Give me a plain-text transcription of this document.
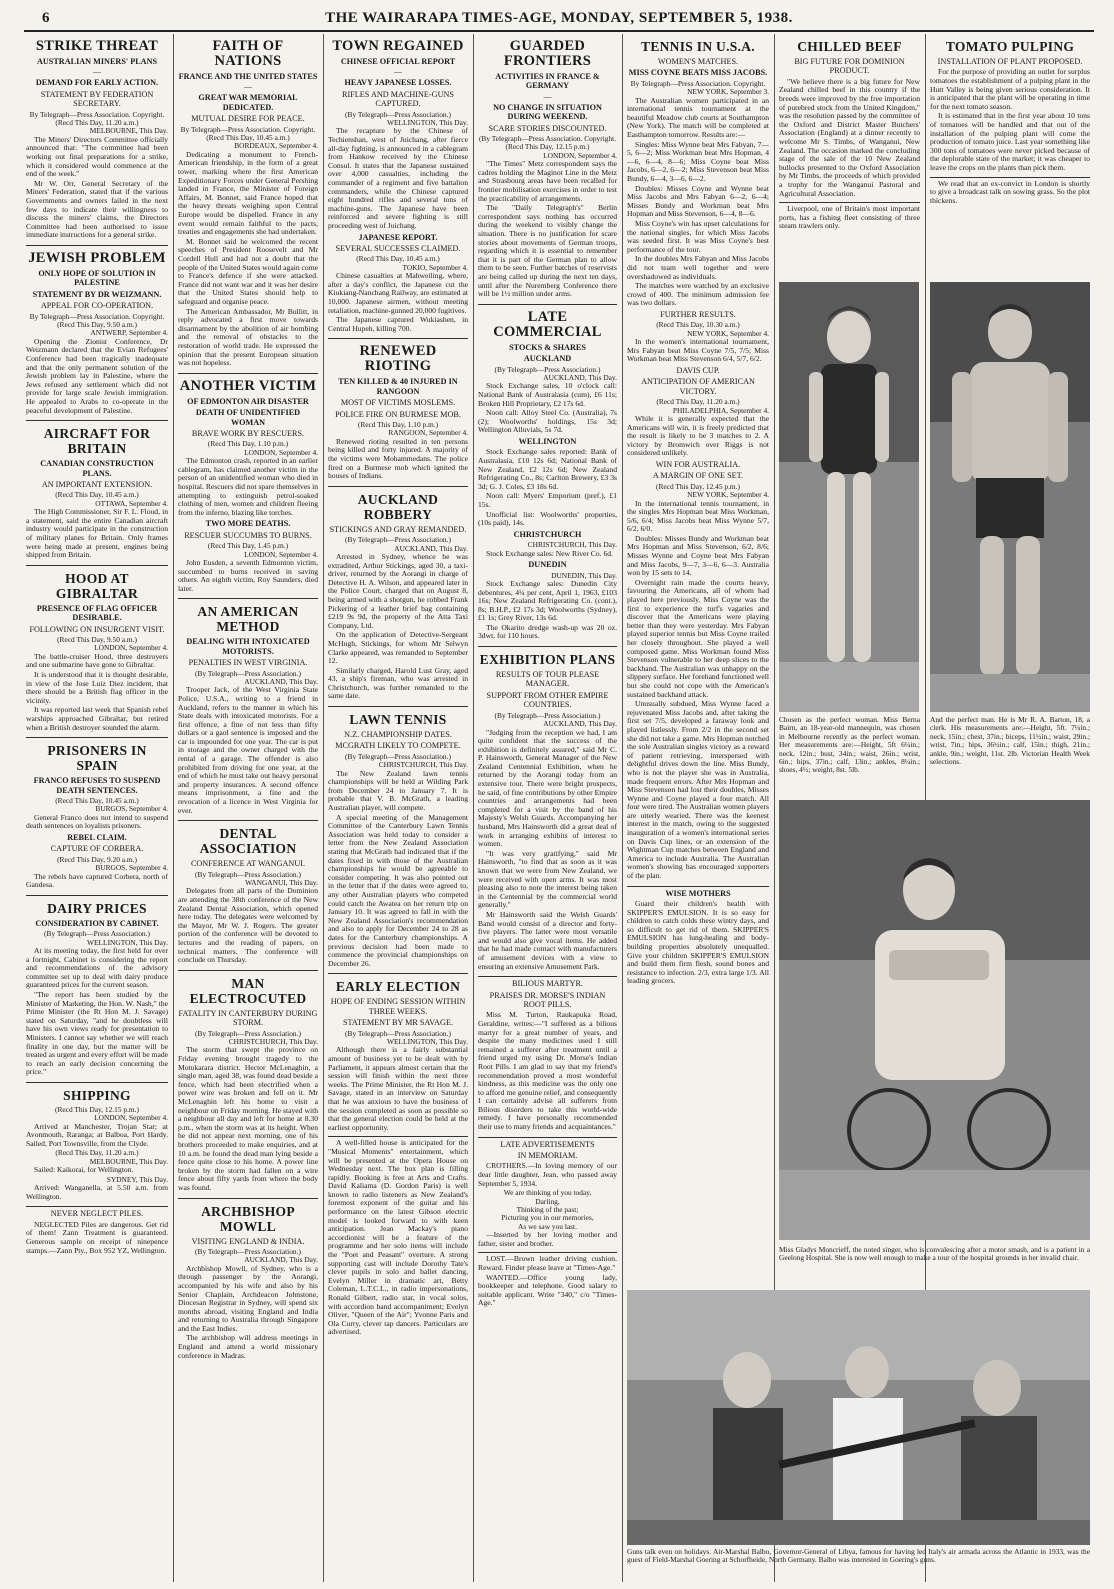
6	THE WAIRARAPA TIMES-AGE, MONDAY, SEPTEMBER 5, 1938.
STRIKE THREAT
AUSTRALIAN MINERS' PLANS
—
DEMAND FOR EARLY ACTION.
STATEMENT BY FEDERATION SECRETARY.
By Telegraph—Press Association. Copyright. (Recd This Day, 11.20 a.m.)
MELBOURNE, This Day.
The Miners' Directors Committee officially announced that: "The committee had been working out final preparations for a strike, which it considered would commence at the end of the week."
Mr W. Orr, General Secretary of the Miners' Federation, stated that if the various Governments and owners failed in the next few days to indicate their willingness to discuss the miners' claims, the Directors Committee had been authorised to issue immediate instructions for a general strike.
JEWISH PROBLEM
ONLY HOPE OF SOLUTION IN PALESTINE
STATEMENT BY DR WEIZMANN.
APPEAL FOR CO-OPERATION.
By Telegraph—Press Association. Copyright. (Recd This Day, 9.50 a.m.)
ANTWERP, September 4.
Opening the Zionist Conference, Dr Weizmann declared that the Evian Refugees' Conference had been tragically inadequate and that the only permanent solution of the Jewish problem lay in Palestine, where the Jews refused any settlement which did not provide for large scale Jewish immigration. He appealed to Arabs to co-operate in the peaceful development of Palestine.
AIRCRAFT FOR BRITAIN
CANADIAN CONSTRUCTION PLANS.
AN IMPORTANT EXTENSION.
(Recd This Day, 10.45 a.m.)
OTTAWA, September 4.
The High Commissioner, Sir F. L. Floud, in a statement, said the entire Canadian aircraft industry would participate in the construction of military planes for Britain. Only frames were being made at present, engines being shipped from Britain.
HOOD AT GIBRALTAR
PRESENCE OF FLAG OFFICER DESIRABLE.
FOLLOWING ON INSURGENT VISIT.
(Recd This Day, 9.50 a.m.)
LONDON, September 4.
The battle-cruiser Hood, three destroyers and one submarine have gone to Gibraltar.
It is understood that it is thought desirable, in view of the Jose Luiz Diez incident, that there should be a British flag officer in the vicinity.
It was reported last week that Spanish rebel warships approached Gibraltar, but retired when a British destroyer sounded the alarm.
PRISONERS IN SPAIN
FRANCO REFUSES TO SUSPEND DEATH SENTENCES.
(Recd This Day, 10.45 a.m.)
BURGOS, September 4.
General Franco does not intend to suspend death sentences on loyalists prisoners.
REBEL CLAIM.
CAPTURE OF CORBERA.
(Recd This Day, 9.20 a.m.)
BURGOS, September 4.
The rebels have captured Corbera, north of Gandesa.
DAIRY PRICES
CONSIDERATION BY CABINET.
(By Telegraph—Press Association.)
WELLINGTON, This Day.
At its meeting today, the first held for over a fortnight, Cabinet is considering the report and recommendations of the advisory committee set up to deal with dairy produce guaranteed prices for the current season.
"The report has been studied by the Minister of Marketing, the Hon. W. Nash," the Prime Minister (the Rt Hon M. J. Savage) stated on Saturday, "and he doubtless will have his own views ready for presentation to Ministers. I cannot say whether we will reach finality in one day, but the matter will be treated as urgent and every effort will be made to reach an early decision concerning the price."
SHIPPING
(Recd This Day, 12.15 p.m.)
LONDON, September 4.
Arrived at Manchester, Trojan Star; at Avonmouth, Raranga; at Balboa, Port Hardy. Sailed, Port Townsville, from the Clyde.
(Recd This Day, 11.20 a.m.)
MELBOURNE, This Day.
Sailed: Kaikorai, for Wellington.
SYDNEY, This Day.
Arrived: Wanganella, at 5.50 a.m. from Wellington.
NEVER NEGLECT PILES.
NEGLECTED Piles are dangerous. Get rid of them! Zann Treatment is guaranteed. Generous sample on receipt of ninepence stamps.—Zann Pty., Box 952 YZ, Wellington.
FAITH OF NATIONS
FRANCE AND THE UNITED STATES
—
GREAT WAR MEMORIAL DEDICATED.
MUTUAL DESIRE FOR PEACE.
By Telegraph—Press Association. Copyright. (Recd This Day, 10.45 a.m.)
BORDEAUX, September 4.
Dedicating a monument to French-American friendship, in the form of a great tower, marking where the first American Expeditionary Forces under General Pershing landed in France, the Minister of Foreign Affairs, M. Bonnet, said France hoped that the heavy threats weighing upon Central Europe would be dispelled. France in any event would remain faithful to the pacts, treaties and engagements she had undertaken.
M. Bonnet said he welcomed the recent speeches of President Roosevelt and Mr Cordell Hull and had not a doubt that the people of the United States would again come to France's defence if she were attacked. France did not want war and it was her desire that the United States should help to safeguard and organise peace.
The American Ambassador, Mr Bullitt, in reply advocated a first move towards disarmament by the abolition of air bombing and the removal of obstacles to the restoration of world trade. He expressed the opinion that the present European situation was not hopeless.
ANOTHER VICTIM
OF EDMONTON AIR DISASTER
DEATH OF UNIDENTIFIED WOMAN
BRAVE WORK BY RESCUERS.
(Recd This Day, 1.10 p.m.)
LONDON, September 4.
The Edmonton crash, reported in an earlier cablegram, has claimed another victim in the person of an unidentified woman who died in hospital. Rescuers did not spare themselves in attempting to extinguish petrol-soaked clothing of men, women and children fleeing from the inferno, blazing like torches.
TWO MORE DEATHS.
RESCUER SUCCUMBS TO BURNS.
(Recd This Day, 1.45 p.m.)
LONDON, September 4.
John Eusden, a seventh Edmonton victim, succumbed to burns received in saving others. An eighth victim, Roy Saunders, died later.
AN AMERICAN METHOD
DEALING WITH INTOXICATED MOTORISTS.
PENALTIES IN WEST VIRGINIA.
(By Telegraph—Press Association.)
AUCKLAND, This Day.
Trooper Jack, of the West Virginia State Police, U.S.A., writing to a friend in Auckland, refers to the manner in which his State deals with intoxicated motorists. For a first offence, a fine of not less than fifty dollars or a gaol sentence is imposed and the car is impounded for one year. The car is put in storage and the owner charged with the rental of a garage. The offender is also prohibited from driving for one year, at the end of which he must take out heavy personal and property insurances. A second offence means imprisonment, a fine and the revocation of a licence in West Virginia for ever.
DENTAL ASSOCIATION
CONFERENCE AT WANGANUI.
(By Telegraph—Press Association.)
WANGANUI, This Day.
Delegates from all parts of the Dominion are attending the 38th conference of the New Zealand Dental Association, which opened here today. The delegates were welcomed by the Mayor, Mr W. J. Rogers. The greater portion of the conference will be devoted to lectures and the reading of papers, on technical matters. The conference will conclude on Thursday.
MAN ELECTROCUTED
FATALITY IN CANTERBURY DURING STORM.
(By Telegraph—Press Association.)
CHRISTCHURCH, This Day.
The storm that swept the province on Friday evening brought tragedy to the Motukarara district. Hector McLenaghin, a single man, aged 38, was found dead beside a fence, which had been electrified when a power wire was broken and fell on it. Mr McLenaghin left his home to visit a neighbour on Friday morning. He stayed with a neighbour all day and left for home at 8.30 p.m., when the storm was at its height. When he did not appear next morning, one of his brothers proceeded to make enquiries, and at 10 a.m. he found the dead man lying beside a fence quite close to his home. A power line broken by the storm had fallen on a wire fence about fifty yards from where the body was found.
ARCHBISHOP MOWLL
VISITING ENGLAND & INDIA.
(By Telegraph—Press Association.)
AUCKLAND, This Day.
Archbishop Mowll, of Sydney, who is a through passenger by the Aorangi, accompanied by his wife and also by his Senior Chaplain, Archdeacon Johnstone, Diocesan Registrar in Sydney, will spend six months abroad, visiting England and India and returning to Australia through Singapore and the East Indies.
The archbishop will address meetings in England and attend a world missionary conference in Madras.
TOWN REGAINED
CHINESE OFFICIAL REPORT
—
HEAVY JAPANESE LOSSES.
RIFLES AND MACHINE-GUNS CAPTURED.
(By Telegraph—Press Association.)
WELLINGTON, This Day.
The recapture by the Chinese of Techienshan, west of Juichang, after fierce all-day fighting, is announced in a cablegram from Hankow received by the Chinese Consul. It states that the Japanese sustained over 4,000 casualties, including the commander of a regiment and five battalion commanders, while the Chinese captured eight hundred rifles and several tons of machine-guns. The Japanese have been reinforced and severe fighting is still proceeding west of Juichang.
JAPANESE REPORT.
SEVERAL SUCCESSES CLAIMED.
(Recd This Day, 10.45 a.m.)
TOKIO, September 4.
Chinese casualties at Mahweiling, where, after a day's conflict, the Japanese cut the Kiukiang-Nanchang Railway, are estimated at 10,000. Japanese airmen, without meeting retaliation, machine-gunned 20,000 fugitives.
The Japanese captured Wukiashen, in Central Hupeh, killing 700.
RENEWED RIOTING
TEN KILLED & 40 INJURED IN RANGOON
MOST OF VICTIMS MOSLEMS.
POLICE FIRE ON BURMESE MOB.
(Recd This Day, 1.10 p.m.)
RANGOON, September 4.
Renewed rioting resulted in ten persons being killed and forty injured. A majority of the victims were Mohammedans. The police fired on a Burmese mob which ignited the houses of Indians.
AUCKLAND ROBBERY
STICKINGS AND GRAY REMANDED.
(By Telegraph—Press Association.)
AUCKLAND, This Day.
Arrested in Sydney, whence he was extradited, Arthur Stickings, aged 30, a taxi-driver, returned by the Aorangi in charge of Detective H. A. Wilson, and appeared later in the Police Court, charged that on August 8, being armed with a shotgun, he robbed Frank Pickering of a leather brief bag containing £219 9s 9d, the property of the Atta Taxi Company, Ltd.
On the application of Detective-Sergeant McHugh, Stickings, for whom Mr Selwyn Clarke appeared, was remanded to September 12.
Similarly charged, Harold Lust Gray, aged 43, a ship's fireman, who was arrested in Christchurch, was further remanded to the same date.
LAWN TENNIS
N.Z. CHAMPIONSHIP DATES.
MCGRATH LIKELY TO COMPETE.
(By Telegraph—Press Association.)
CHRISTCHURCH, This Day.
The New Zealand lawn tennis championships will be held at Wilding Park from December 24 to January 7. It is probable that V. B. McGrath, a leading Australian player, will compete.
A special meeting of the Management Committee of the Canterbury Lawn Tennis Association was held today to consider a letter from the New Zealand Association stating that McGrath had indicated that if the dates fixed in with those of the Australian championships he would be agreeable to consider competing. It was also pointed out in the letter that if the dates were agreed to, any other Australian players who competed could catch the Awatea on her return trip on January 10. It was agreed to fall in with the New Zealand Association's recommendation and also to apply for December 24 to 28 as dates for the Canterbury championships. A previous decision had been made to commence the provincial championships on December 26.
EARLY ELECTION
HOPE OF ENDING SESSION WITHIN THREE WEEKS.
STATEMENT BY MR SAVAGE.
(By Telegraph—Press Association.)
WELLINGTON, This Day.
Although there is a fairly substantial amount of business yet to be dealt with by Parliament, it appears almost certain that the session will finish within the next three weeks. The Prime Minister, the Rt Hon M. J. Savage, stated in an interview on Saturday that he was anxious to have the business of the session completed as soon as possible so that the general election could be held at the earliest opportunity.
A well-filled house is anticipated for the "Musical Moments" entertainment, which will be presented at the Opera House on Wednesday next. The box plan is filling rapidly. Booking is free at Arts and Crafts. David Kaliama (D. Gordon Paris) is well known to radio listeners as New Zealand's foremost exponent of the guitar and his performance on the latest Gibson electric model is looked forward to with keen anticipation. Jean Mackay's piano accordionist will be a feature of the programme and her solo items will include the "Poet and Peasant" overture. A strong supporting cast will include Dorothy Tate's clever pupils in solo and ballet dancing, Evelyn Miller in dramatic art, Betty Coleman, L.T.C.L., in radio impersonations, Ronald Gilbert, radio star, in vocal solos, with accordion band accompaniment; Evelyn Oliver, "Queen of the Air"; Yvonne Paris and Ola Curry, clever tap dancers. Particulars are advertised.
GUARDED FRONTIERS
ACTIVITIES IN FRANCE & GERMANY
—
NO CHANGE IN SITUATION DURING WEEKEND.
SCARE STORIES DISCOUNTED.
(By Telegraph—Press Association. Copyright. (Recd This Day, 12.15 p.m.)
LONDON, September 4.
"The Times" Metz correspondent says the cadres holding the Maginot Line in the Metz and Strasbourg areas have been recalled for frontier mobilisation exercises in order to test the practicability of arrangements.
The "Daily Telegraph's" Berlin correspondent says nothing has occurred during the weekend to visibly change the situation. There is no justification for scare stories about movements of German troops, regarding which it is essential to remember that it is part of the German plan to allow them to be seen. Further batches of reservists are being called up during the next ten days, until after the Nuremberg Conference there will be 1½ million under arms.
LATE COMMERCIAL
STOCKS & SHARES
AUCKLAND
(By Telegraph—Press Association.)
AUCKLAND, This Day.
Stock Exchange sales, 10 o'clock call: National Bank of Australasia (cum), £6 11s; Broken Hill Proprietary, £2 17s 6d.
Noon call: Alloy Steel Co. (Australia), 7s (2); Woolworths' holdings, 15s 3d; Wellington Alluvials, 5s 7d.
WELLINGTON
Stock Exchange sales reported: Bank of Australasia, £10 12s 6d; National Bank of New Zealand, £2 12s 6d; New Zealand Refrigerating Co., 8s; Carlton Brewery, £3 3s 3d; G. J. Coles, £3 18s 6d.
Noon call: Myers' Emporium (pref.), £1 15s.
Unofficial list: Woolworths' properties, (10s paid), 14s.
CHRISTCHURCH
CHRISTCHURCH, This Day.
Stock Exchange sales: New River Co. 6d.
DUNEDIN
DUNEDIN, This Day.
Stock Exchange sales: Dunedin City debentures, 4¼ per cent, April 1, 1963, £103 16s; New Zealand Refrigerating Co. (cont.), 8s; B.H.P., £2 17s 3d; Woolworths (Sydney), £1 1s; Grey River, 13s 6d.
The Okarito dredge wash-up was 20 oz. 3dwt. for 110 hours.
EXHIBITION PLANS
RESULTS OF TOUR PLEASE MANAGER.
SUPPORT FROM OTHER EMPIRE COUNTRIES.
(By Telegraph—Press Association.)
AUCKLAND, This Day.
"Judging from the reception we had, I am quite confident that the success of the exhibition is definitely assured," said Mr C. P. Hainsworth, General Manager of the New Zealand Centennial Exhibition, when he returned by the Aorangi today from an extensive tour. There were bright prospects, he said, of fine contributions by other Empire countries and arrangements had been completed for a visit by the band of his Majesty's Welsh Guards. Accompanying her husband, Mrs Hainsworth did a great deal of work in arranging exhibits of interest to women.
"It was very gratifying," said Mr Hainsworth, "to find that as soon as it was known that we were from New Zealand, we were received with open arms. It was most pleasing also to note the interest being taken in the Centennial by the commercial world generally."
Mr Hainsworth said the Welsh Guards' Band would consist of a director and forty-five players. The latter were most versatile and would also give vocal items. He added that he had made contact with manufacturers of amusement devices with a view to ensuring an extensive Amusement Park.
BILIOUS MARTYR.
PRAISES DR. MORSE'S INDIAN ROOT PILLS.
Miss M. Turton, Raukapuka Road, Geraldine, writes:—"I suffered as a bilious martyr for a great number of years, and despite the many medicines used I still remained a sufferer after treatment until a friend urged my using Dr. Morse's Indian Root Pills. I am glad to say that my friend's recommendation proved a most wonderful kindness, as this medicine was the only one to afford me genuine relief, and consequently I can certainly advise all sufferers from Bilious disorders to take this world-wide remedy. I have personally recommended their use to many friends and acquaintances."
LATE ADVERTISEMENTS
IN MEMORIAM.
CROTHERS.—In loving memory of our dear little daughter, Jean, who passed away September 5, 1934.
We are thinking of you today,
Darling,
Thinking of the past;
Picturing you in our memories,
As we saw you last.
—Inserted by her loving mother and father, sister and brother.
LOST.—Brown leather driving cushion. Reward. Finder please leave at "Times-Age."
WANTED.—Office young lady, bookkeeper and telephone. Good salary to suitable applicant. Write "340," c/o "Times-Age."
TENNIS IN U.S.A.
WOMEN'S MATCHES.
MISS COYNE BEATS MISS JACOBS.
By Telegraph—Press Association. Copyright.
NEW YORK, September 3.
The Australian women participated in an international tennis tournament at the beautiful Meadow club courts at Southampton (New York). The match will be completed at Easthampton tomorrow. Results are:—
Singles: Miss Wynne beat Mrs Fabyan, 7—5, 6—2; Miss Workman beat Mrs Hopman, 4—6, 6—4, 8—6; Miss Coyne beat Miss Jacobs, 6—2, 6—2; Miss Stevenson beat Miss Bundy, 6—4, 3—6, 6—2.
Doubles: Misses Coyne and Wynne beat Miss Jacobs and Mrs Fabyan 6—2, 6—4; Misses Bundy and Workman beat Mrs Hopman and Miss Stevenson, 6—4, 8—6.
Miss Coyne's win has upset calculations for the national singles, for which Miss Jacobs was seeded first. It was Miss Coyne's best performance of the tour.
In the doubles Mrs Fabyan and Miss Jacobs did not team well together and were overshadowed as individuals.
The matches were watched by an exclusive crowd of 400. The minimum admission fee was two dollars.
FURTHER RESULTS.
(Recd This Day, 10.30 a.m.)
NEW YORK, September 4.
In the women's international tournament, Mrs Fabyan beat Miss Coyne 7/5, 7/5; Miss Workman beat Miss Stevenson 6/4, 5/7, 6/2.
DAVIS CUP.
ANTICIPATION OF AMERICAN VICTORY.
(Recd This Day, 11.20 a.m.)
PHILADELPHIA, September 4.
While it is generally expected that the Americans will win, it is freely predicted that the result is likely to be 3 matches to 2. A victory by Bromwich over Riggs is not considered unlikely.
WIN FOR AUSTRALIA.
A MARGIN OF ONE SET.
(Recd This Day, 12.45 p.m.)
NEW YORK, September 4.
In the international tennis tournament, in the singles Mrs Hopman beat Miss Workman, 5/6, 6/4; Miss Jacobs beat Miss Wynne 5/7, 6/2, 6/0.
Doubles: Misses Bundy and Workman beat Mrs Hopman and Miss Stevenson, 6/2, 8/6; Misses Wynne and Coyne beat Mrs Fabyan and Miss Jacobs, 9—7, 3—6, 6—3. Australia won by 15 sets to 14.
Overnight rain made the courts heavy, favouring the Americans, all of whom had played here previously. Miss Coyne was the first to experience the turf's vagaries and discover that the Americans were playing better than they were yesterday. Mrs Fabyan played superior tennis but Miss Coyne trailed her closely throughout. She played a well composed game. Miss Workman found Miss Stevenson vulnerable to her deep slices to the backhand. The Australian was unhappy on the slippery surface. Her forehand functioned well but she could not cope with the American's sustained backhand attack.
Unusually subdued, Miss Wynne faced a rejuvenated Miss Jacobs and, after taking the first set 7/5, developed a faraway look and played listlessly. From 2/2 in the second set she did not take a game. Mrs Hopman notched the sole Australian singles victory as a reward of patient retrieving, interspersed with delightful drives down the line. Miss Bundy, who is not the player she was in Australia, made frequent errors. After Mrs Hopman and Miss Stevenson had lost their doubles, Misses Wynne and Coyne played a four match. All four were tired. The Australian women players are utterly wearied. There was the keenest interest in the match, owing to the suggested inauguration of a women's international series on Davis Cup lines, or an extension of the Wightman Cup matches between England and America to include Australia. The Australian women's showing has encouraged supporters of the plan.
WISE MOTHERS
Guard their children's health with SKIPPER'S EMULSION. It is so easy for children to catch colds these wintry days, and so difficult to get rid of them. SKIPPER'S EMULSION has lung-healing and body-building properties absolutely unequalled. Give your children SKIPPER'S EMULSION and build them firm flesh, sound bones and resistance to infection. 2/3, extra large 1/3. All leading grocers.
CHILLED BEEF
BIG FUTURE FOR DOMINION PRODUCT.
"We believe there is a big future for New Zealand chilled beef in this country if the breeds were improved by the free importation of purebred stock from the United Kingdom," was the resolution passed by the committee of the Oxford and District Master Butchers' Association (England) at a dinner recently to welcome Mr S. Timbs, of Wanganui, New Zealand. The occasion marked the concluding stage of the sale of the 10 New Zealand bullocks presented to the Oxford Association by Mr Timbs, the proceeds of which provided a trophy for the Wanganui Pastoral and Agricultural Association.
Liverpool, one of Britain's most important ports, has a fishing fleet consisting of three steam trawlers only.
TOMATO PULPING
INSTALLATION OF PLANT PROPOSED.
For the purpose of providing an outlet for surplus tomatoes the establishment of a pulping plant in the Hutt Valley is being given serious consideration. It is anticipated that the plant will be operating in time for the next tomato season.
It is estimated that in the first year about 10 tons of tomatoes will be handled and that out of the installation of the pulping plant will come the production of tomato juice. Last year something like 300 tons of tomatoes were never picked because of the deplorable state of the market; it was cheaper to leave the crops on the plants than pick them.
We read that an ex-convict in London is shortly to give a broadcast talk on sowing grass. So the plot thickens.
Chosen as the perfect woman. Miss Berna Bairn, an 18-year-old mannequin, was chosen in Melbourne recently as the perfect woman. Her measurements are:—Height, 5ft 6¼in.; neck, 12in.; bust, 34in.; waist, 26in.; wrist, 6in.; hips, 37in.; calf, 13in.; ankles, 8¼in.; shoes, 4½; weight, 8st. 5lb.
And the perfect man. He is Mr R. A. Barton, 18, a clerk. His measurements are:—Height, 5ft. 7¼in.; neck, 15in.; chest, 37in.; biceps, 11½in.; waist, 29in.; wrist, 7in.; hips, 36½in.; calf, 15in.; thigh, 21in.; ankle, 9in.; weight, 11st. 2lb. Victorian Health Week selections.
Miss Gladys Moncrieff, the noted singer, who is convalescing after a motor smash, and is a patient in a Geelong Hospital. She is now well enough to make a tour of the hospital grounds in her invalid chair.
Guns talk even on holidays. Air-Marshal Balbo, Governor-General of Libya, famous for having led Italy's air armada across the Atlantic in 1933, was the guest of Field-Marshal Goering at Schorfheide, North Germany. Balbo was interested in Goering's guns.
